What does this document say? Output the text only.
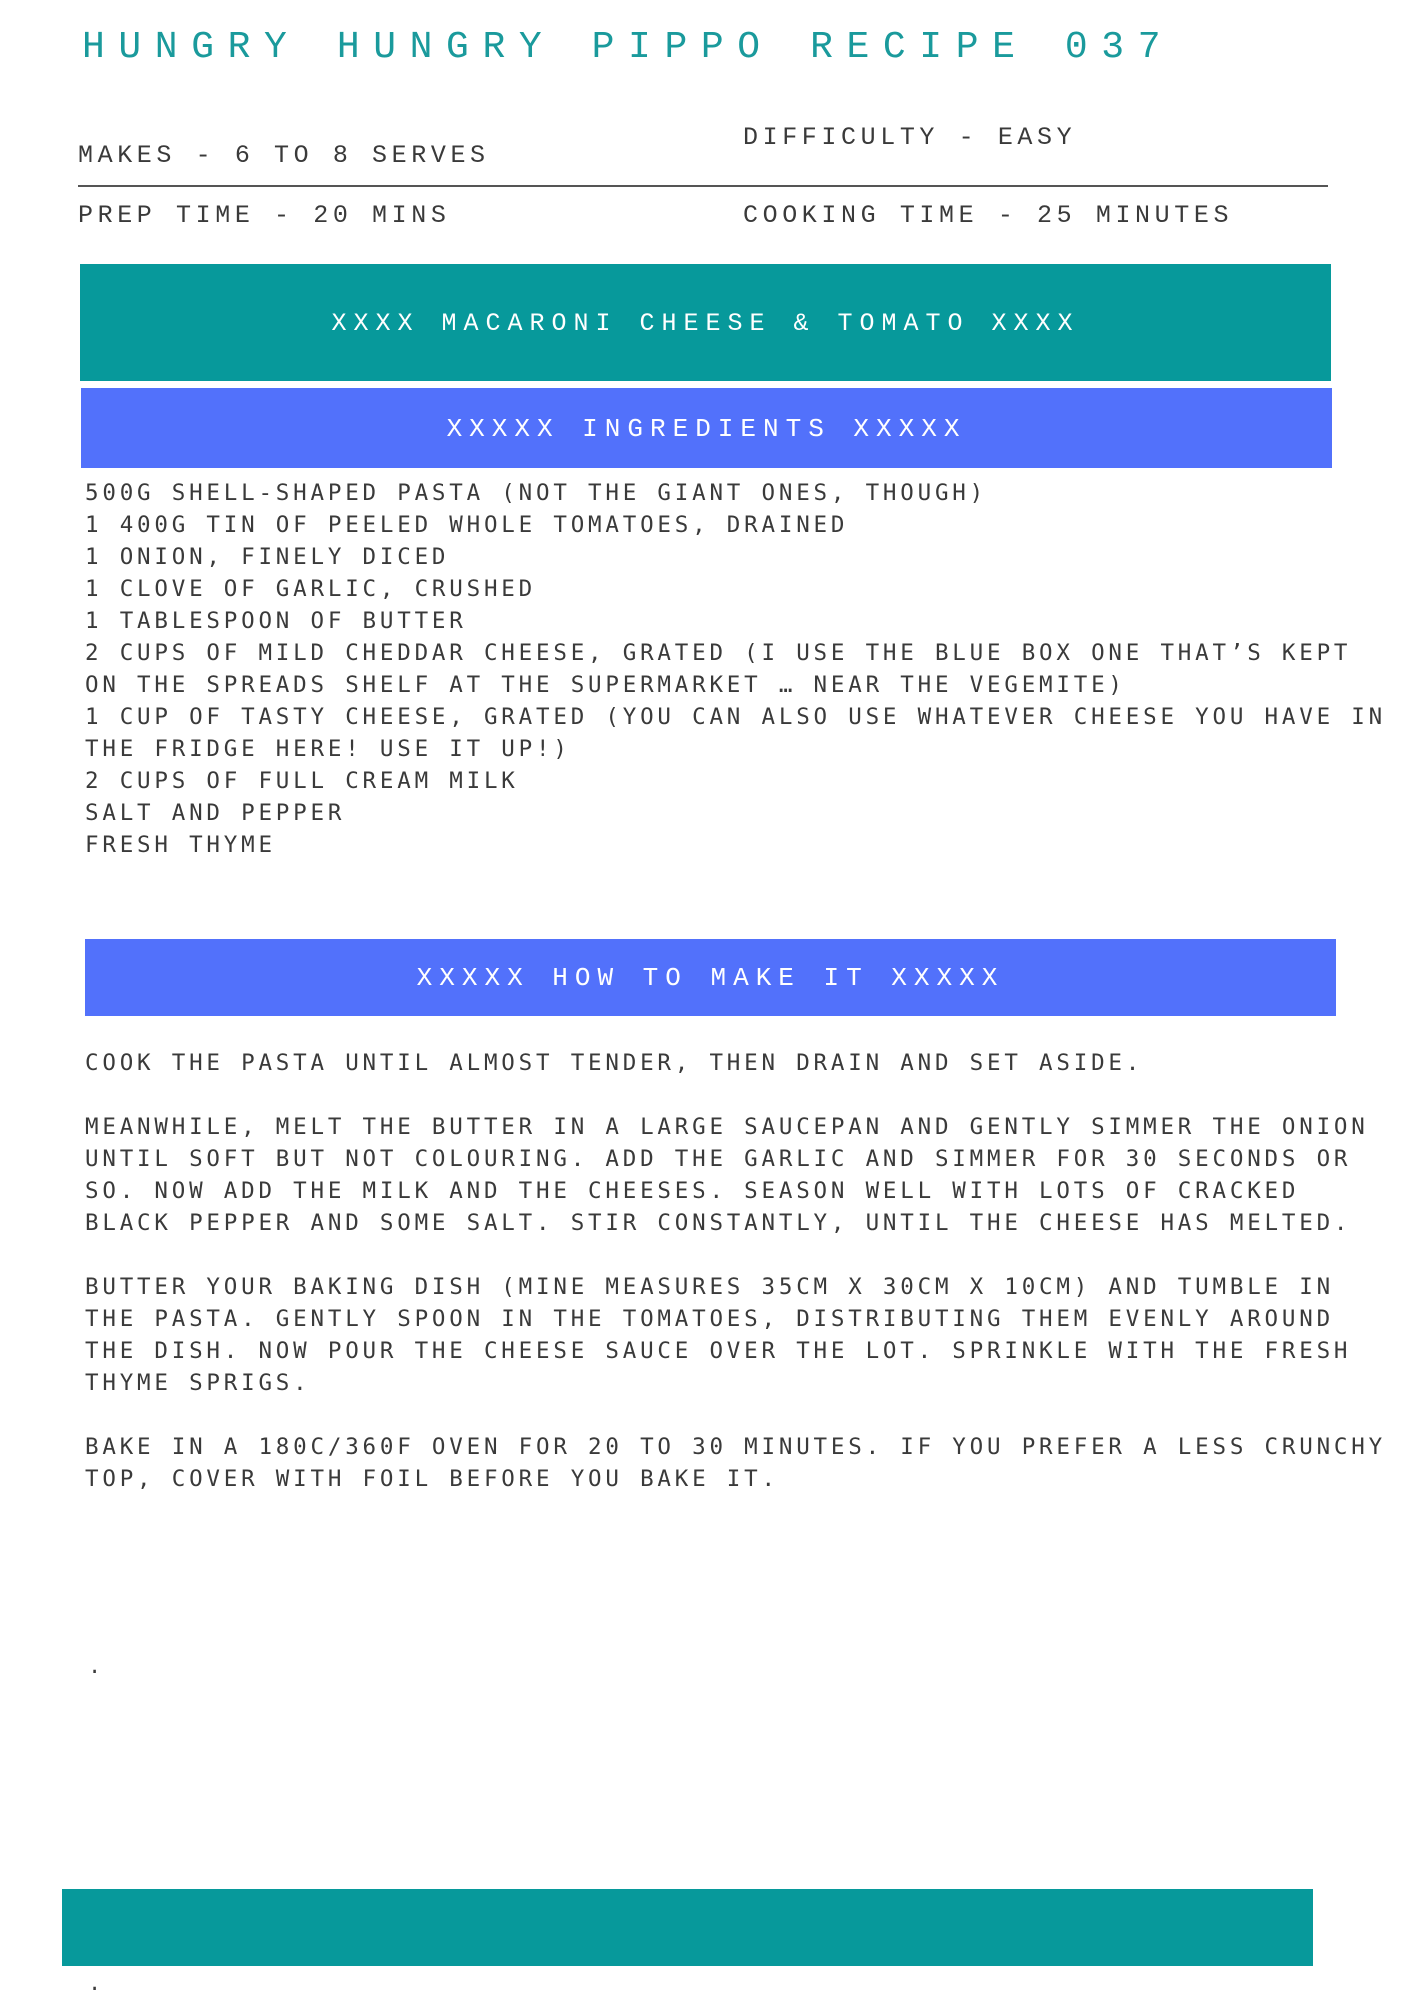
HUNGRY HUNGRY PIPPO RECIPE 037
MAKES - 6 TO 8 SERVES
DIFFICULTY - EASY
PREP TIME - 20 MINS	COOKING TIME - 25 MINUTES
XXXX MACARONI CHEESE & TOMATO XXXX
XXXXX INGREDIENTS XXXXX

500G SHELL-SHAPED PASTA (NOT THE GIANT ONES, THOUGH)

1 400G TIN OF PEELED WHOLE TOMATOES, DRAINED

1 ONION, FINELY DICED

1 CLOVE OF GARLIC, CRUSHED

1 TABLESPOON OF BUTTER

2 CUPS OF MILD CHEDDAR CHEESE, GRATED (I USE THE BLUE BOX ONE THAT’S KEPT

ON THE SPREADS SHELF AT THE SUPERMARKET … NEAR THE VEGEMITE)

1 CUP OF TASTY CHEESE, GRATED (YOU CAN ALSO USE WHATEVER CHEESE YOU HAVE IN

THE FRIDGE HERE! USE IT UP!)

2 CUPS OF FULL CREAM MILK

SALT AND PEPPER

FRESH THYME

XXXXX HOW TO MAKE IT XXXXX

COOK THE PASTA UNTIL ALMOST TENDER, THEN DRAIN AND SET ASIDE.

MEANWHILE, MELT THE BUTTER IN A LARGE SAUCEPAN AND GENTLY SIMMER THE ONION

UNTIL SOFT BUT NOT COLOURING. ADD THE GARLIC AND SIMMER FOR 30 SECONDS OR

SO. NOW ADD THE MILK AND THE CHEESES. SEASON WELL WITH LOTS OF CRACKED

BLACK PEPPER AND SOME SALT. STIR CONSTANTLY, UNTIL THE CHEESE HAS MELTED.

BUTTER YOUR BAKING DISH (MINE MEASURES 35CM X 30CM X 10CM) AND TUMBLE IN

THE PASTA. GENTLY SPOON IN THE TOMATOES, DISTRIBUTING THEM EVENLY AROUND

THE DISH. NOW POUR THE CHEESE SAUCE OVER THE LOT. SPRINKLE WITH THE FRESH

THYME SPRIGS.

BAKE IN A 180C/360F OVEN FOR 20 TO 30 MINUTES. IF YOU PREFER A LESS CRUNCHY

TOP, COVER WITH FOIL BEFORE YOU BAKE IT.

.
.
